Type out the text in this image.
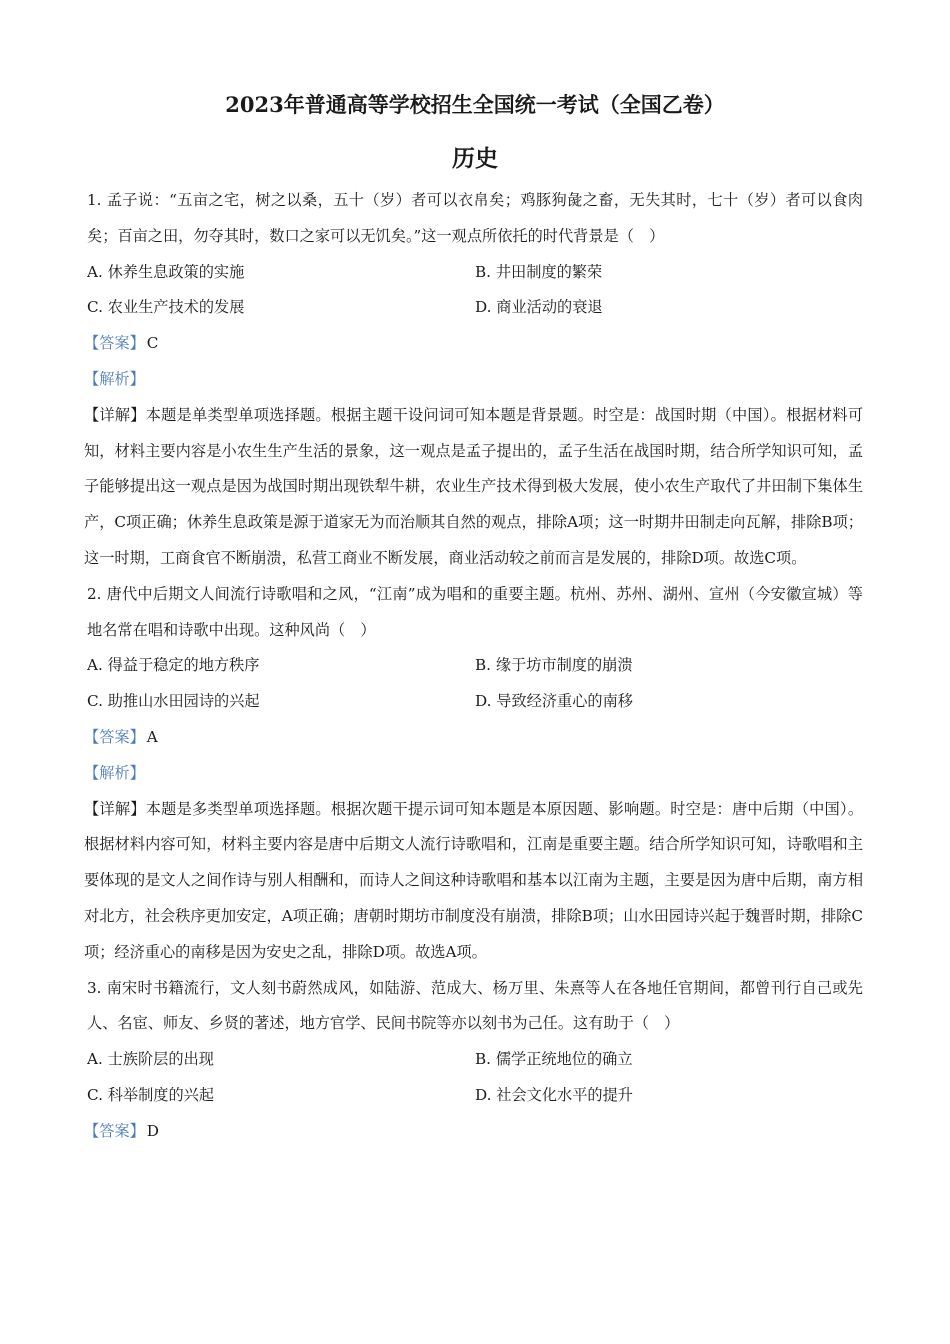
2023年普通高等学校招生全国统一考试（全国乙卷）
历史

1. 孟子说：“五亩之宅，树之以桑，五十（岁）者可以衣帛矣；鸡豚狗彘之畜，无失其时，七十（岁）者可以食肉矣；百亩之田，勿夺其时，数口之家可以无饥矣。”这一观点所依托的时代背景是（　）

A. 休养生息政策的实施	B. 井田制度的繁荣
C. 农业生产技术的发展	D. 商业活动的衰退
【答案】 C
【解析】

【详解】本题是单类型单项选择题。根据主题干设问词可知本题是背景题。时空是：战国时期（中国）。根据材料可知，材料主要内容是小农生生产生活的景象，这一观点是孟子提出的，孟子生活在战国时期，结合所学知识可知，孟子能够提出这一观点是因为战国时期出现铁犁牛耕，农业生产技术得到极大发展，使小农生产取代了井田制下集体生产，C项正确；休养生息政策是源于道家无为而治顺其自然的观点，排除A项；这一时期井田制走向瓦解，排除B项；这一时期，工商食官不断崩溃，私营工商业不断发展，商业活动较之前而言是发展的，排除D项。故选C项。

2. 唐代中后期文人间流行诗歌唱和之风，“江南”成为唱和的重要主题。杭州、苏州、湖州、宣州（今安徽宣城）等地名常在唱和诗歌中出现。这种风尚（　）

A. 得益于稳定的地方秩序	B. 缘于坊市制度的崩溃
C. 助推山水田园诗的兴起	D. 导致经济重心的南移
【答案】 A
【解析】

【详解】本题是多类型单项选择题。根据次题干提示词可知本题是本原因题、影响题。时空是：唐中后期（中国）。根据材料内容可知，材料主要内容是唐中后期文人流行诗歌唱和，江南是重要主题。结合所学知识可知，诗歌唱和主要体现的是文人之间作诗与别人相酬和，而诗人之间这种诗歌唱和基本以江南为主题，主要是因为唐中后期，南方相对北方，社会秩序更加安定，A项正确；唐朝时期坊市制度没有崩溃，排除B项；山水田园诗兴起于魏晋时期，排除C项；经济重心的南移是因为安史之乱，排除D项。故选A项。

3. 南宋时书籍流行，文人刻书蔚然成风，如陆游、范成大、杨万里、朱熹等人在各地任官期间，都曾刊行自己或先人、名宦、师友、乡贤的著述，地方官学、民间书院等亦以刻书为己任。这有助于（　）

A. 士族阶层的出现	B. 儒学正统地位的确立
C. 科举制度的兴起	D. 社会文化水平的提升
【答案】 D
